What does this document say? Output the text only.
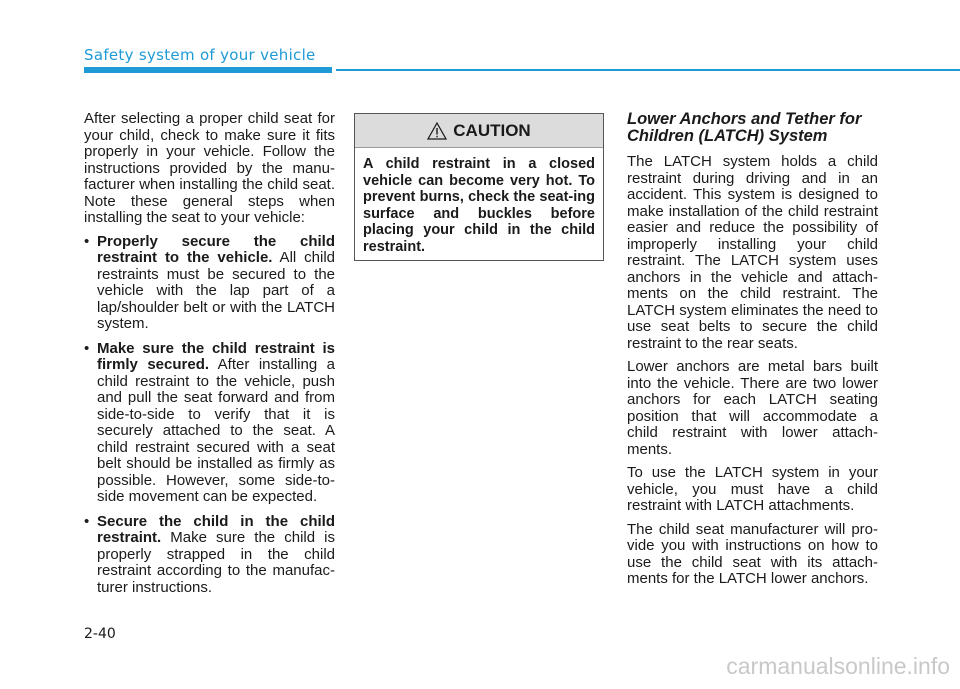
Safety system of your vehicle

After selecting a proper child seat for your child, check to make sure it fits properly in your vehicle. Follow the instructions provided by the manu-facturer when installing the child seat. Note these general steps when installing the seat to your vehicle:

• Properly secure the child restraint to the vehicle. All child restraints must be secured to the vehicle with the lap part of a lap/shoulder belt or with the LATCH system.
• Make sure the child restraint is firmly secured. After installing a child restraint to the vehicle, push and pull the seat forward and from side-to-side to verify that it is securely attached to the seat. A child restraint secured with a seat belt should be installed as firmly as possible. However, some side-to-side movement can be expected.
• Secure the child in the child restraint. Make sure the child is properly strapped in the child restraint according to the manufac-turer instructions.
CAUTION
A child restraint in a closed vehicle can become very hot. To prevent burns, check the seat-ing surface and buckles before placing your child in the child restraint.
Lower Anchors and Tether for Children (LATCH) System

The LATCH system holds a child restraint during driving and in an accident. This system is designed to make installation of the child restraint easier and reduce the possibility of improperly installing your child restraint. The LATCH system uses anchors in the vehicle and attach-ments on the child restraint. The LATCH system eliminates the need to use seat belts to secure the child restraint to the rear seats.

Lower anchors are metal bars built into the vehicle. There are two lower anchors for each LATCH seating position that will accommodate a child restraint with lower attach-ments.

To use the LATCH system in your vehicle, you must have a child restraint with LATCH attachments.

The child seat manufacturer will pro-vide you with instructions on how to use the child seat with its attach-ments for the LATCH lower anchors.

2-40
carmanualsonline.info
